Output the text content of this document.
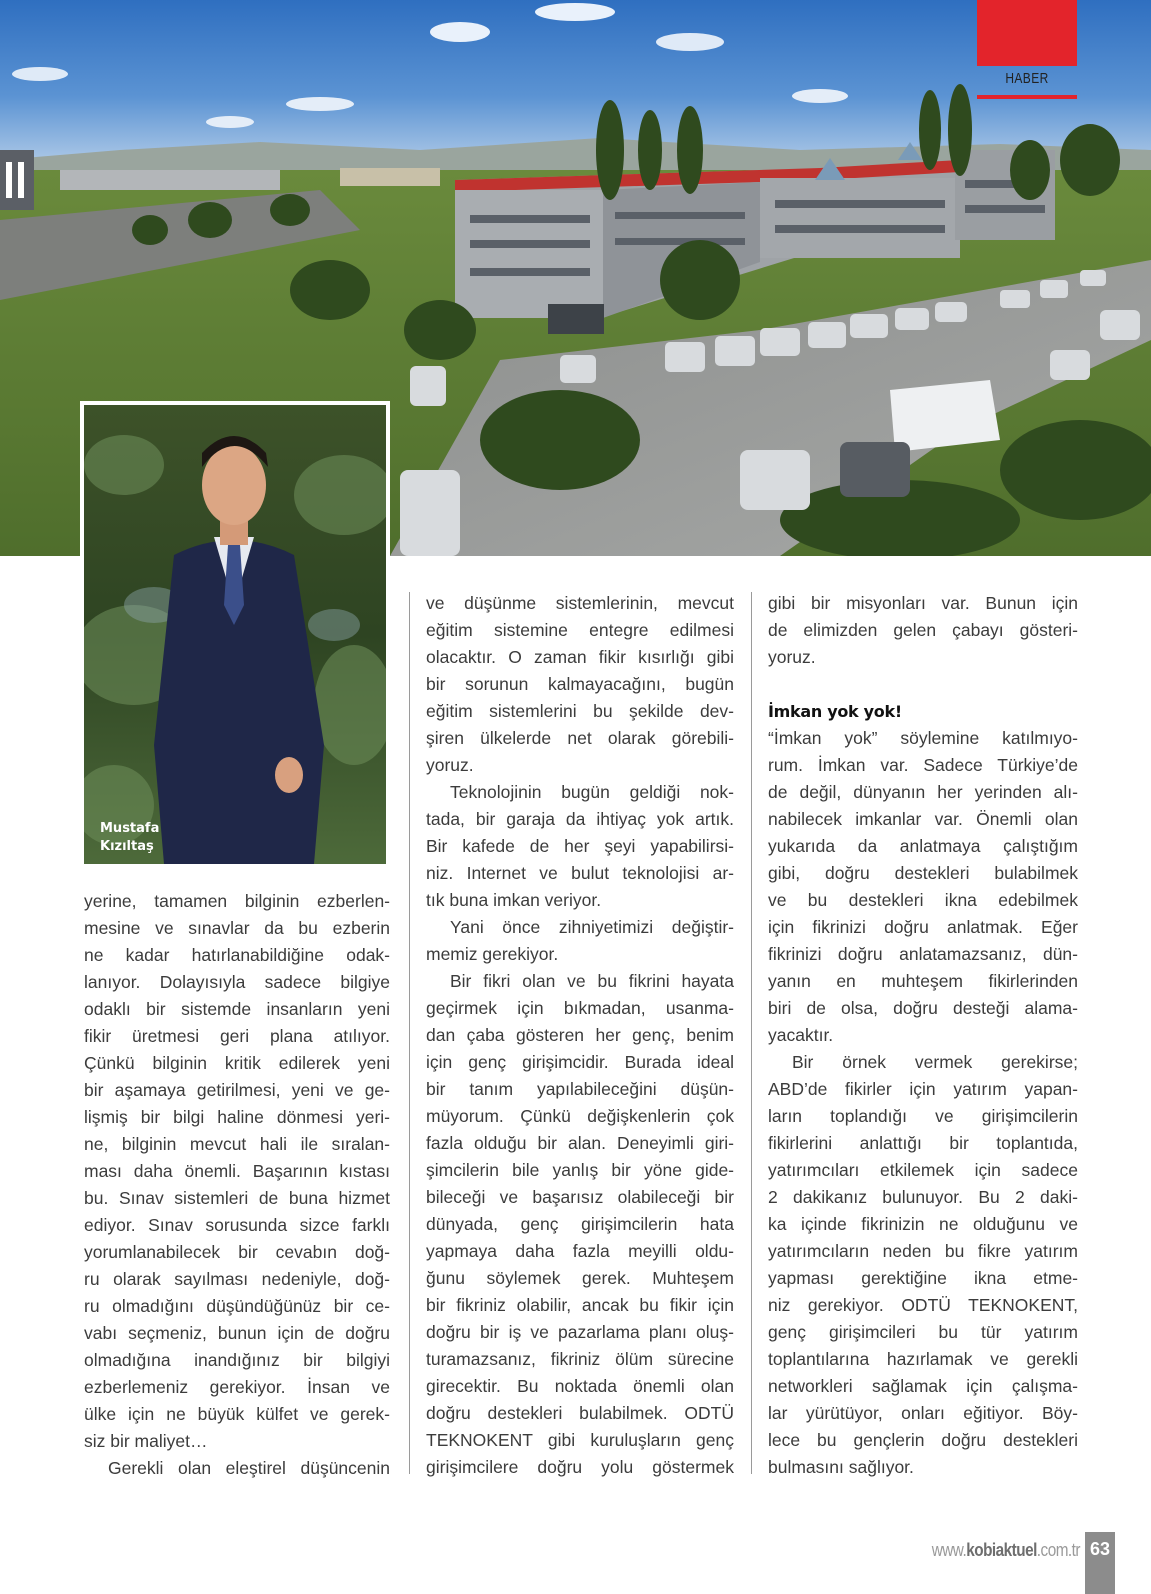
HABER
Mustafa
Kızıltaş

yerine, tamamen bilginin ezberlen-
mesine ve sınavlar da bu ezberin
ne kadar hatırlanabildiğine odak-
lanıyor. Dolayısıyla sadece bilgiye
odaklı bir sistemde insanların yeni
fikir üretmesi geri plana atılıyor.
Çünkü bilginin kritik edilerek yeni
bir aşamaya getirilmesi, yeni ve ge-
lişmiş bir bilgi haline dönmesi yeri-
ne, bilginin mevcut hali ile sıralan-
ması daha önemli. Başarının kıstası
bu. Sınav sistemleri de buna hizmet
ediyor. Sınav sorusunda sizce farklı
yorumlanabilecek bir cevabın doğ-
ru olarak sayılması nedeniyle, doğ-
ru olmadığını düşündüğünüz bir ce-
vabı seçmeniz, bunun için de doğru
olmadığına inandığınız bir bilgiyi
ezberlemeniz gerekiyor. İnsan ve
ülke için ne büyük külfet ve gerek-
siz bir maliyet…

Gerekli olan eleştirel düşüncenin

ve düşünme sistemlerinin, mevcut
eğitim sistemine entegre edilmesi
olacaktır. O zaman fikir kısırlığı gibi
bir sorunun kalmayacağını, bugün
eğitim sistemlerini bu şekilde dev-
şiren ülkelerde net olarak görebili-
yoruz.

Teknolojinin bugün geldiği nok-
tada, bir garaja da ihtiyaç yok artık.
Bir kafede de her şeyi yapabilirsi-
niz. Internet ve bulut teknolojisi ar-
tık buna imkan veriyor.

Yani önce zihniyetimizi değiştir-
memiz gerekiyor.

Bir fikri olan ve bu fikrini hayata
geçirmek için bıkmadan, usanma-
dan çaba gösteren her genç, benim
için genç girişimcidir. Burada ideal
bir tanım yapılabileceğini düşün-
müyorum. Çünkü değişkenlerin çok
fazla olduğu bir alan. Deneyimli giri-
şimcilerin bile yanlış bir yöne gide-
bileceği ve başarısız olabileceği bir
dünyada, genç girişimcilerin hata
yapmaya daha fazla meyilli oldu-
ğunu söylemek gerek. Muhteşem
bir fikriniz olabilir, ancak bu fikir için
doğru bir iş ve pazarlama planı oluş-
turamazsanız, fikriniz ölüm sürecine
girecektir. Bu noktada önemli olan
doğru destekleri bulabilmek. ODTÜ
TEKNOKENT gibi kuruluşların genç
girişimcilere doğru yolu göstermek

gibi bir misyonları var. Bunun için
de elimizden gelen çabayı gösteri-
yoruz.

İmkan yok yok!

“İmkan yok” söylemine katılmıyo-
rum. İmkan var. Sadece Türkiye’de
de değil, dünyanın her yerinden alı-
nabilecek imkanlar var. Önemli olan
yukarıda da anlatmaya çalıştığım
gibi, doğru destekleri bulabilmek
ve bu destekleri ikna edebilmek
için fikrinizi doğru anlatmak. Eğer
fikrinizi doğru anlatamazsanız, dün-
yanın en muhteşem fikirlerinden
biri de olsa, doğru desteği alama-
yacaktır.

Bir örnek vermek gerekirse;
ABD’de fikirler için yatırım yapan-
ların toplandığı ve girişimcilerin
fikirlerini anlattığı bir toplantıda,
yatırımcıları etkilemek için sadece
2 dakikanız bulunuyor. Bu 2 daki-
ka içinde fikrinizin ne olduğunu ve
yatırımcıların neden bu fikre yatırım
yapması gerektiğine ikna etme-
niz gerekiyor. ODTÜ TEKNOKENT,
genç girişimcileri bu tür yatırım
toplantılarına hazırlamak ve gerekli
networkleri sağlamak için çalışma-
lar yürütüyor, onları eğitiyor. Böy-
lece bu gençlerin doğru destekleri
bulmasını sağlıyor.

www.kobiaktuel.com.tr 63
